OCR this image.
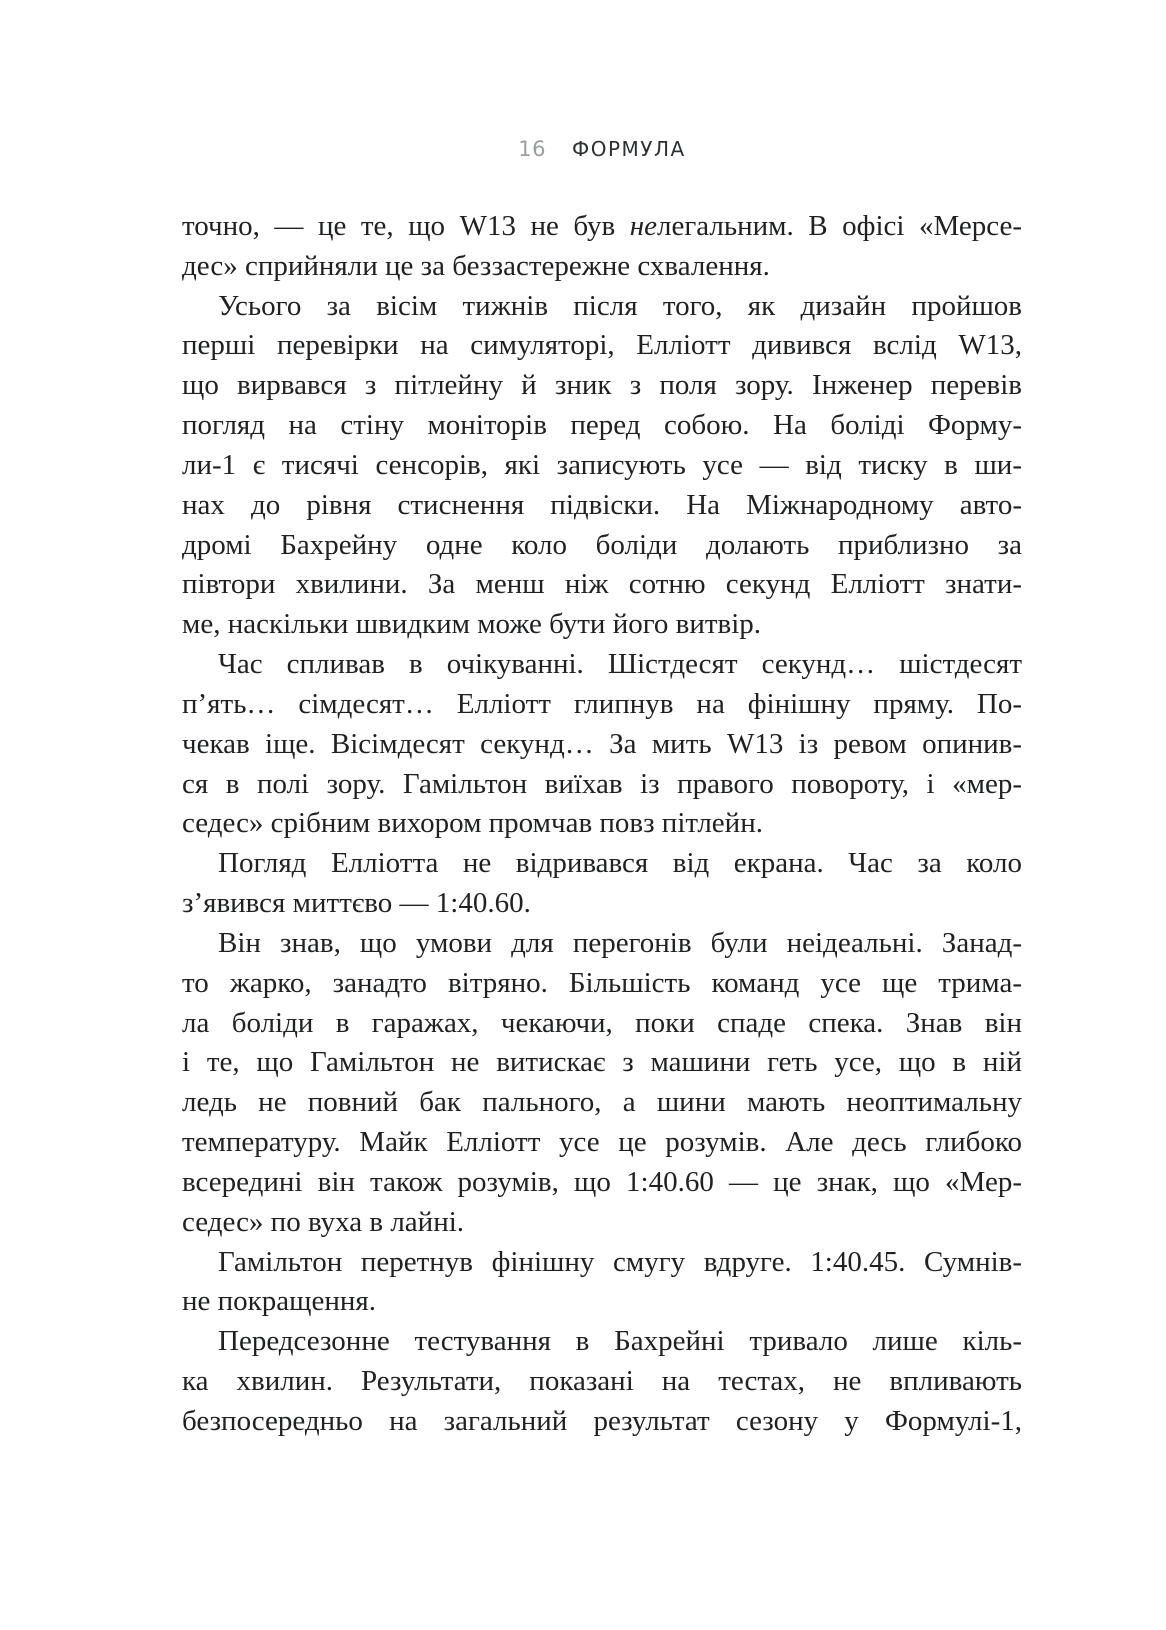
16 ФОРМУЛА
точно, — це те, що W13 не був нелегальним. В офісі «Мерсе-
дес» сприйняли це за беззастережне схвалення.
Усього за вісім тижнів після того, як дизайн пройшов
перші перевірки на симуляторі, Елліотт дивився вслід W13,
що вирвався з пітлейну й зник з поля зору. Інженер перевів
погляд на стіну моніторів перед собою. На боліді Форму-
ли-1 є тисячі сенсорів, які записують усе — від тиску в ши-
нах до рівня стиснення підвіски. На Міжнародному авто-
дромі Бахрейну одне коло боліди долають приблизно за
півтори хвилини. За менш ніж сотню секунд Елліотт знати-
ме, наскільки швидким може бути його витвір.
Час спливав в очікуванні. Шістдесят секунд… шістдесят
п’ять… сімдесят… Елліотт глипнув на фінішну пряму. По-
чекав іще. Вісімдесят секунд… За мить W13 із ревом опинив-
ся в полі зору. Гамільтон виїхав із правого повороту, і «мер-
седес» срібним вихором промчав повз пітлейн.
Погляд Елліотта не відривався від екрана. Час за коло
з’явився миттєво — 1:40.60.
Він знав, що умови для перегонів були неідеальні. Занад-
то жарко, занадто вітряно. Більшість команд усе ще трима-
ла боліди в гаражах, чекаючи, поки спаде спека. Знав він
і те, що Гамільтон не витискає з машини геть усе, що в ній
ледь не повний бак пального, а шини мають неоптимальну
температуру. Майк Елліотт усе це розумів. Але десь глибоко
всередині він також розумів, що 1:40.60 — це знак, що «Мер-
седес» по вуха в лайні.
Гамільтон перетнув фінішну смугу вдруге. 1:40.45. Сумнів-
не покращення.
Передсезонне тестування в Бахрейні тривало лише кіль-
ка хвилин. Результати, показані на тестах, не впливають
безпосередньо на загальний результат сезону у Формулі-1,
